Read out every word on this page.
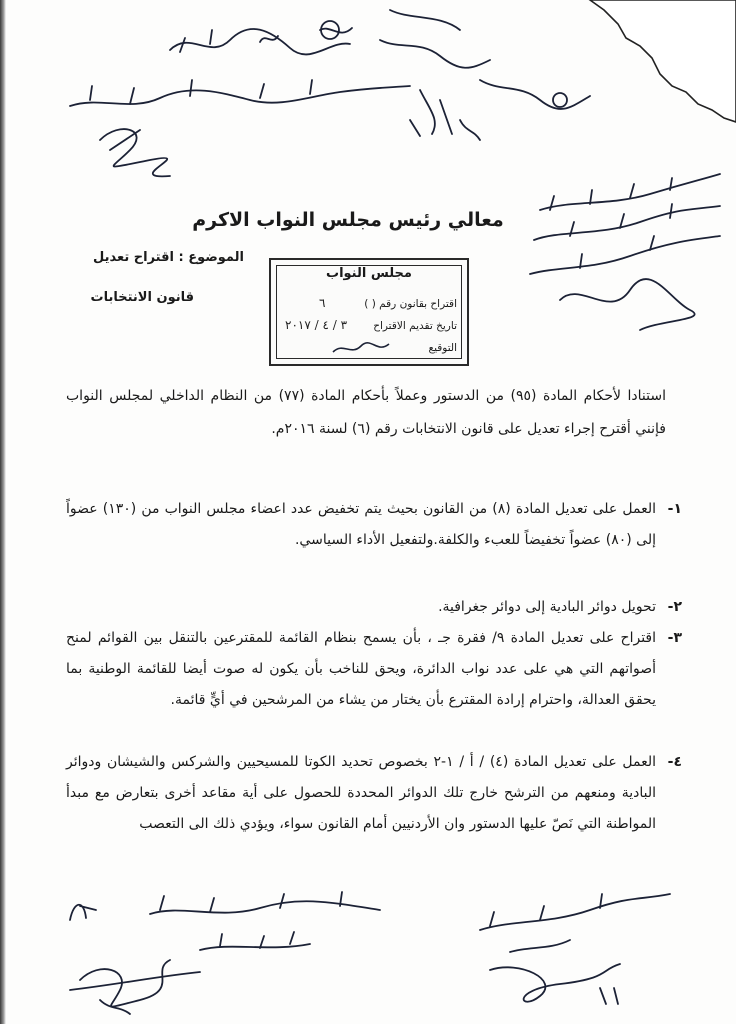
معالي رئيس مجلس النواب الاكرم
الموضوع : اقتراح تعديل
قانون الانتخابات
مجلس النواب
اقتراح بقانون رقم ( )
٦
تاريخ تقديم الاقتراح
٣ / ٤ / ٢٠١٧
التوقيع

استنادا لأحكام المادة (٩٥) من الدستور وعملاً بأحكام المادة (٧٧) من النظام الداخلي لمجلس النواب فإنني أقترح إجراء تعديل على قانون الانتخابات رقم (٦) لسنة ٢٠١٦م.

١-
العمل على تعديل المادة (٨) من القانون بحيث يتم تخفيض عدد اعضاء مجلس النواب من (١٣٠) عضواً إلى (٨٠) عضواً تخفيضاً للعبء والكلفة.ولتفعيل الأداء السياسي.
٢-
تحويل دوائر البادية إلى دوائر جغرافية.
٣-
اقتراح على تعديل المادة ٩/ فقرة جـ ، بأن يسمح بنظام القائمة للمقترعين بالتنقل بين القوائم لمنح أصواتهم التي هي على عدد نواب الدائرة، ويحق للناخب بأن يكون له صوت أيضا للقائمة الوطنية بما يحقق العدالة، واحترام إرادة المقترع بأن يختار من يشاء من المرشحين في أيٍّ قائمة.
٤-
العمل على تعديل المادة (٤) / أ / ١-٢ بخصوص تحديد الكوتا للمسيحيين والشركس والشيشان ودوائر البادية ومنعهم من الترشح خارج تلك الدوائر المحددة للحصول على أية مقاعد أخرى بتعارض مع مبدأ المواطنة التي نَصّ عليها الدستور وان الأردنيين أمام القانون سواء، ويؤدي ذلك الى التعصب
